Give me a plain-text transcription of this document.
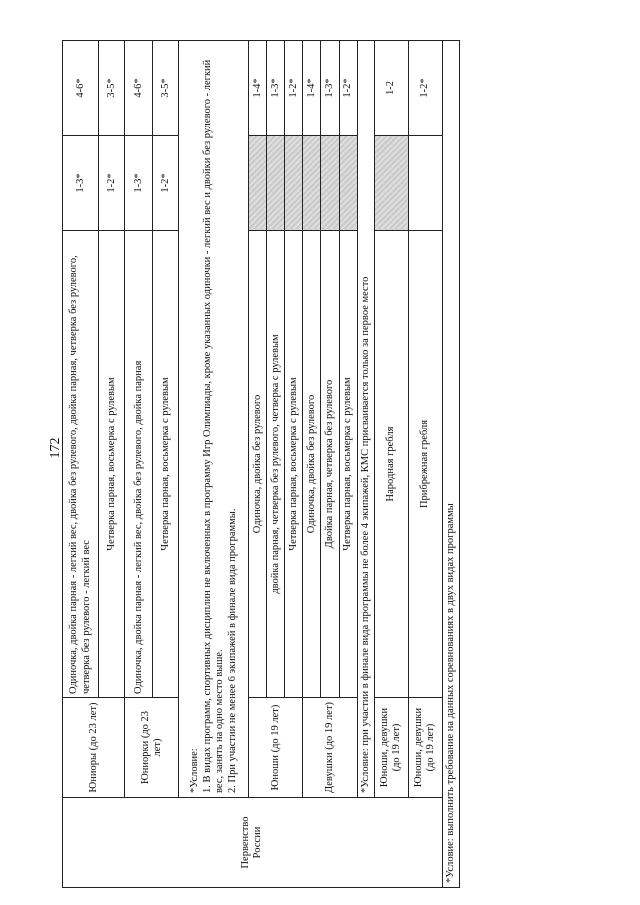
172
Первенство России	Юниоры (до 23 лет)	Одиночка, двойка парная - легкий вес, двойка без рулевого, двойка парная, четверка без рулевого, четверка без рулевого - легкий вес	1-3*	4-6*
		Четверка парная, восьмерка с рулевым	1-2*	3-5*
	Юниорки (до 23 лет)	Одиночка, двойка парная - легкий вес, двойка без рулевого, двойка парная	1-3*	4-6*
		Четверка парная, восьмерка с рулевым	1-2*	3-5*

	*Условие: 1. В видах программ, спортивных дисциплин не включенных в программу Игр Олимпиады, кроме указанных одиночки - легкий вес и двойки без рулевого - легкий вес, занять на одно место выше. 2. При участии не менее 6 экипажей в финале вида программы.			

	Юноши (до 19 лет)	Одиночка, двойка без рулевого		1-4*
		двойка парная, четверка без рулевого, четверка с рулевым		1-3*
		Четверка парная, восьмерка с рулевым		1-2*
	Девушки (до 19 лет)	Одиночка, двойка без рулевого		1-4*
		Двойка парная, четверка без рулевого		1-3*
		Четверка парная, восьмерка с рулевым		1-2*
	*Условие: при участии в финале вида программы не более 4 экипажей, КМС присваивается только за первое место			
	Юноши, девушки (до 19 лет)	Народная гребля		1-2
	Юноши, девушки (до 19 лет)	Прибрежная гребля		1-2*
*Условие: выполнить требование на данных соревнованиях в двух видах программы				
